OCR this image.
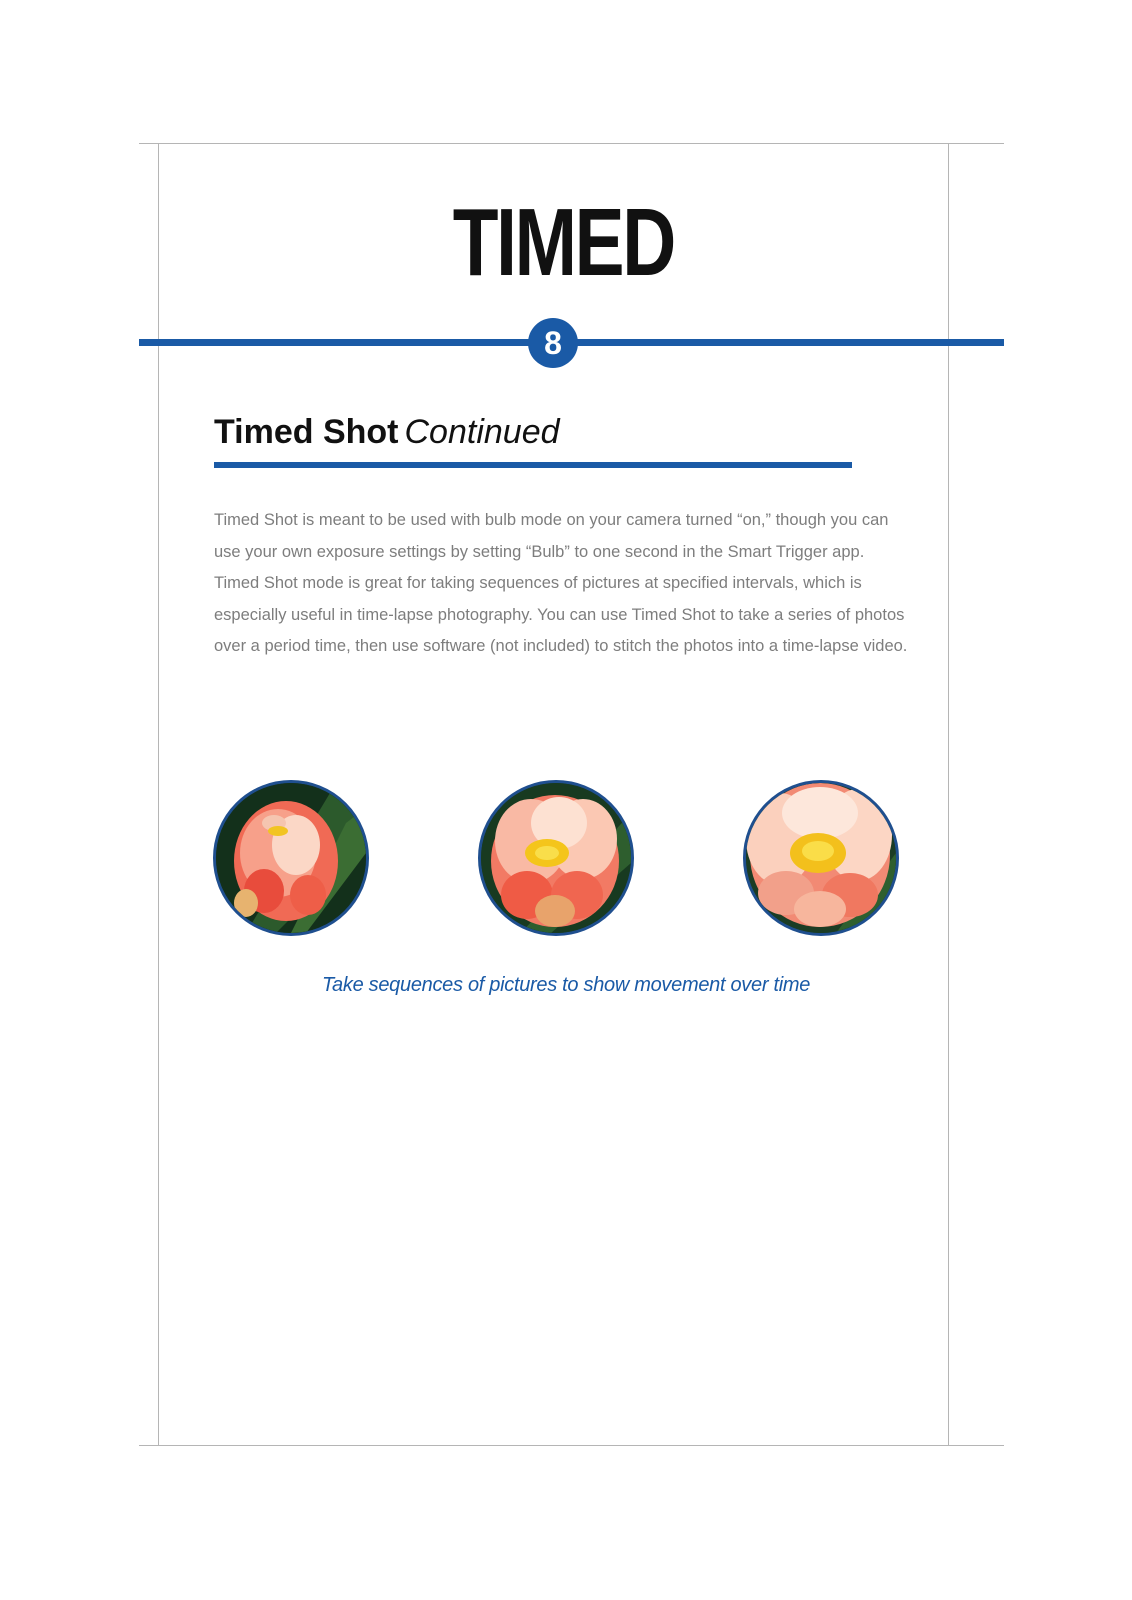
TIMED
8
Timed Shot Continued

Timed Shot is meant to be used with bulb mode on your camera turned “on,” though you can use your own exposure settings by setting “Bulb” to one second in the Smart Trigger app.

Timed Shot mode is great for taking sequences of pictures at specified intervals, which is especially useful in time-lapse photography. You can use Timed Shot to take a series of photos over a period time, then use software (not included) to stitch the photos into a time-lapse video.

Take sequences of pictures to show movement over time
